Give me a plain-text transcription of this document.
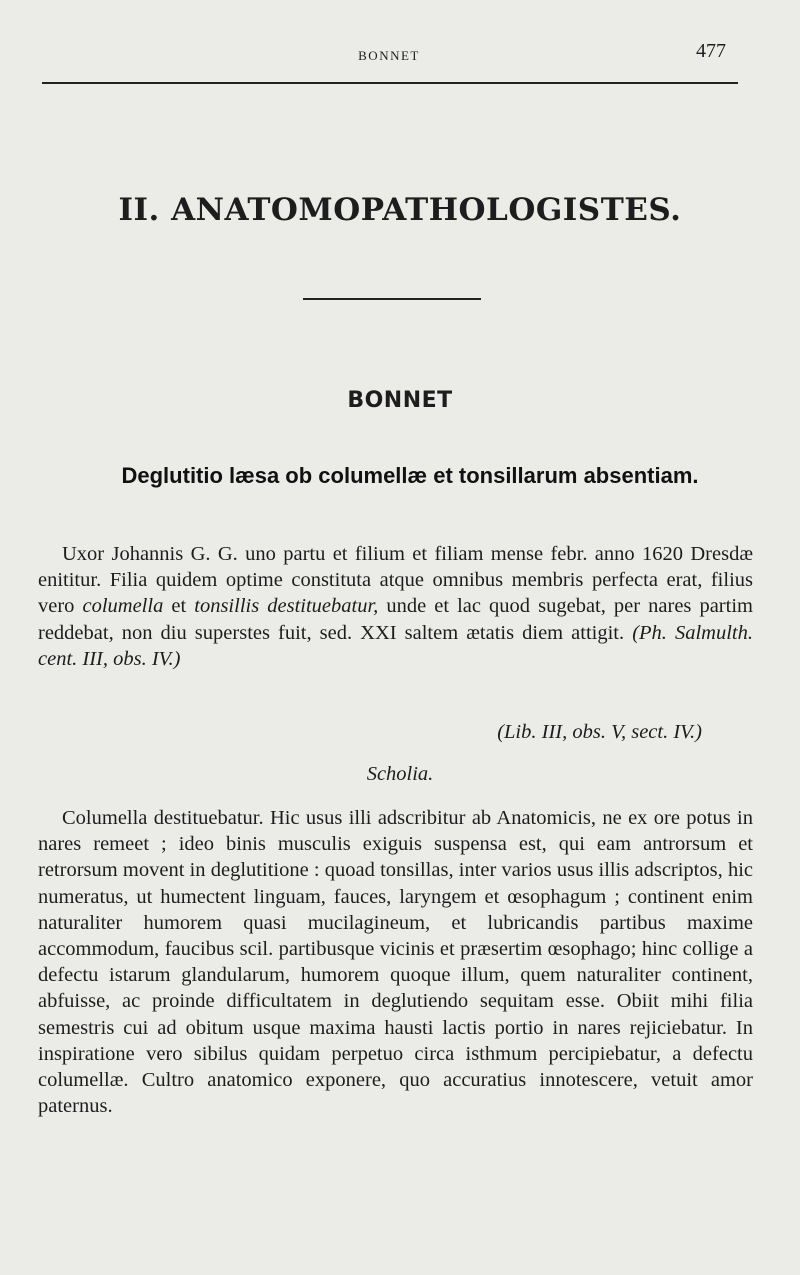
BONNET	477
II. ANATOMOPATHOLOGISTES.
BONNET
Deglutitio læsa ob columellæ et tonsillarum absentiam.
Uxor Johannis G. G. uno partu et filium et filiam mense febr. anno 1620 Dresdæ enititur. Filia quidem optime constituta atque omnibus membris perfecta erat, filius vero columella et tonsillis destituebatur, unde et lac quod sugebat, per nares partim reddebat, non diu superstes fuit, sed. XXI saltem ætatis diem attigit. (Ph. Salmulth. cent. III, obs. IV.)
(Lib. III, obs. V, sect. IV.)
Scholia.
Columella destituebatur. Hic usus illi adscribitur ab Anatomicis, ne ex ore potus in nares remeet ; ideo binis musculis exiguis suspensa est, qui eam antrorsum et retrorsum movent in deglutitione : quoad tonsillas, inter varios usus illis adscriptos, hic numeratus, ut humectent linguam, fauces, laryngem et œsophagum ; continent enim naturaliter humorem quasi mucilagineum, et lubricandis partibus maxime accommodum, faucibus scil. partibusque vicinis et præsertim œsophago; hinc collige a defectu istarum glandularum, humorem quoque illum, quem naturaliter continent, abfuisse, ac proinde difficultatem in deglutiendo sequitam esse. Obiit mihi filia semestris cui ad obitum usque maxima hausti lactis portio in nares rejiciebatur. In inspiratione vero sibilus quidam perpetuo circa isthmum percipiebatur, a defectu columellæ. Cultro anatomico exponere, quo accuratius innotescere, vetuit amor paternus.
